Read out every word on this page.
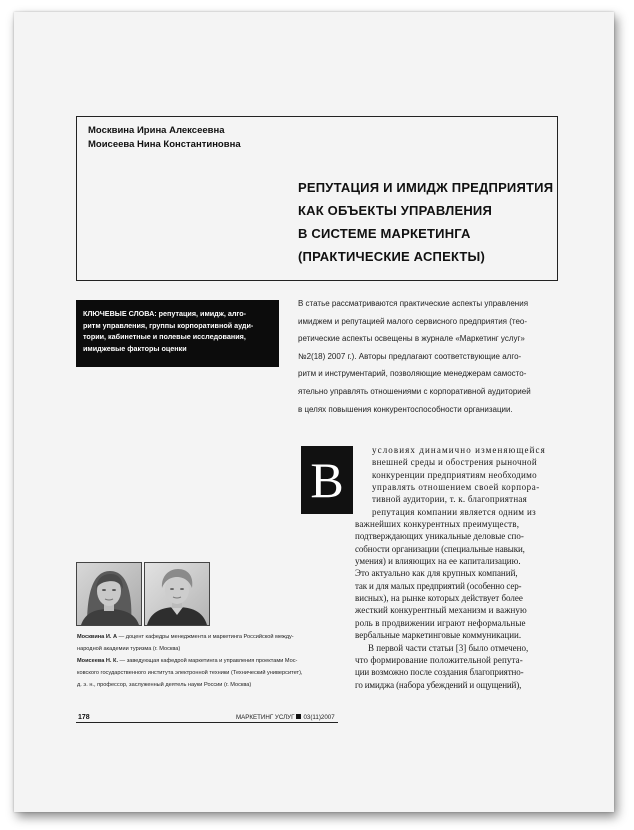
Москвина Ирина Алексеевна
Моисеева Нина Константиновна
РЕПУТАЦИЯ И ИМИДЖ ПРЕДПРИЯТИЯ
КАК ОБЪЕКТЫ УПРАВЛЕНИЯ
В СИСТЕМЕ МАРКЕТИНГА
(ПРАКТИЧЕСКИЕ АСПЕКТЫ)
КЛЮЧЕВЫЕ СЛОВА: репутация, имидж, алго-
ритм управления, группы корпоративной ауди-
тории, кабинетные и полевые исследования,
имиджевые факторы оценки
В статье рассматриваются практические аспекты управления
имиджем и репутацией малого сервисного предприятия (тео-
ретические аспекты освещены в журнале «Маркетинг услуг»
№2(18) 2007 г.). Авторы предлагают соответствующие алго-
ритм и инструментарий, позволяющие менеджерам самосто-
ятельно управлять отношениями с корпоративной аудиторией
в целях повышения конкурентоспособности организации.
В
условиях динамично изменяющейся
внешней среды и обострения рыночной
конкуренции предприятиям необходимо
управлять отношением своей корпора-
тивной аудитории, т. к. благоприятная
репутация компании является одним из
важнейших конкурентных преимуществ,
подтверждающих уникальные деловые спо-
собности организации (специальные навыки,
умения) и влияющих на ее капитализацию.
Это актуально как для крупных компаний,
так и для малых предприятий (особенно сер-
висных), на рынке которых действует более
жесткий конкурентный механизм и важную
роль в продвижении играют неформальные
вербальные маркетинговые коммуникации.
В первой части статьи [3] было отмечено,
что формирование положительной репута-
ции возможно после создания благоприятно-
го имиджа (набора убеждений и ощущений),
Москвина И. А — доцент кафедры менеджмента и маркетинга Российской между-
народной академии туризма (г. Москва)
Моисеева Н. К. — заведующая кафедрой маркетинга и управления проектами Мос-
ковского государственного института электронной техники (Технический университет),
д. э. н., профессор, заслуженный деятель науки России (г. Москва)
178	МАРКЕТИНГ УСЛУГ 03(11)2007
